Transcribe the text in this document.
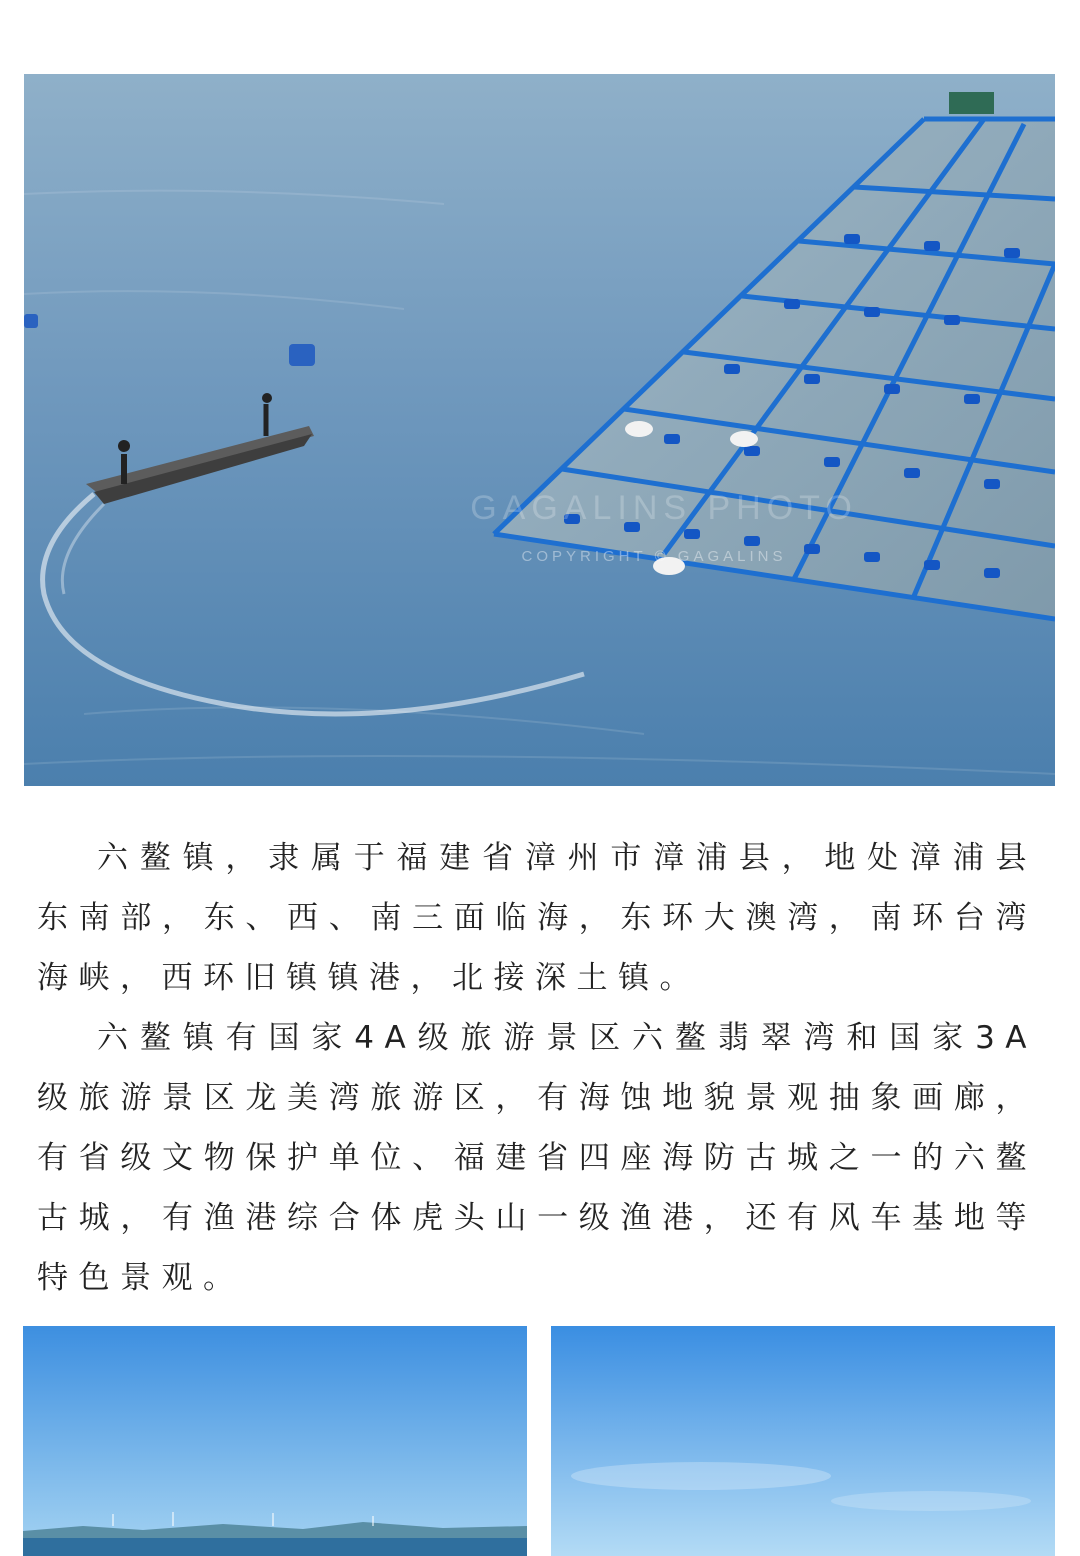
GAGALINS PHOTO
COPYRIGHT © GAGALINS

六鳌镇，隶属于福建省漳州市漳浦县，地处漳浦县东南部，东、西、南三面临海，东环大澳湾，南环台湾海峡，西环旧镇镇港，北接深土镇。

六鳌镇有国家4A级旅游景区六鳌翡翠湾和国家3A级旅游景区龙美湾旅游区，有海蚀地貌景观抽象画廊，有省级文物保护单位、福建省四座海防古城之一的六鳌古城，有渔港综合体虎头山一级渔港，还有风车基地等特色景观。
